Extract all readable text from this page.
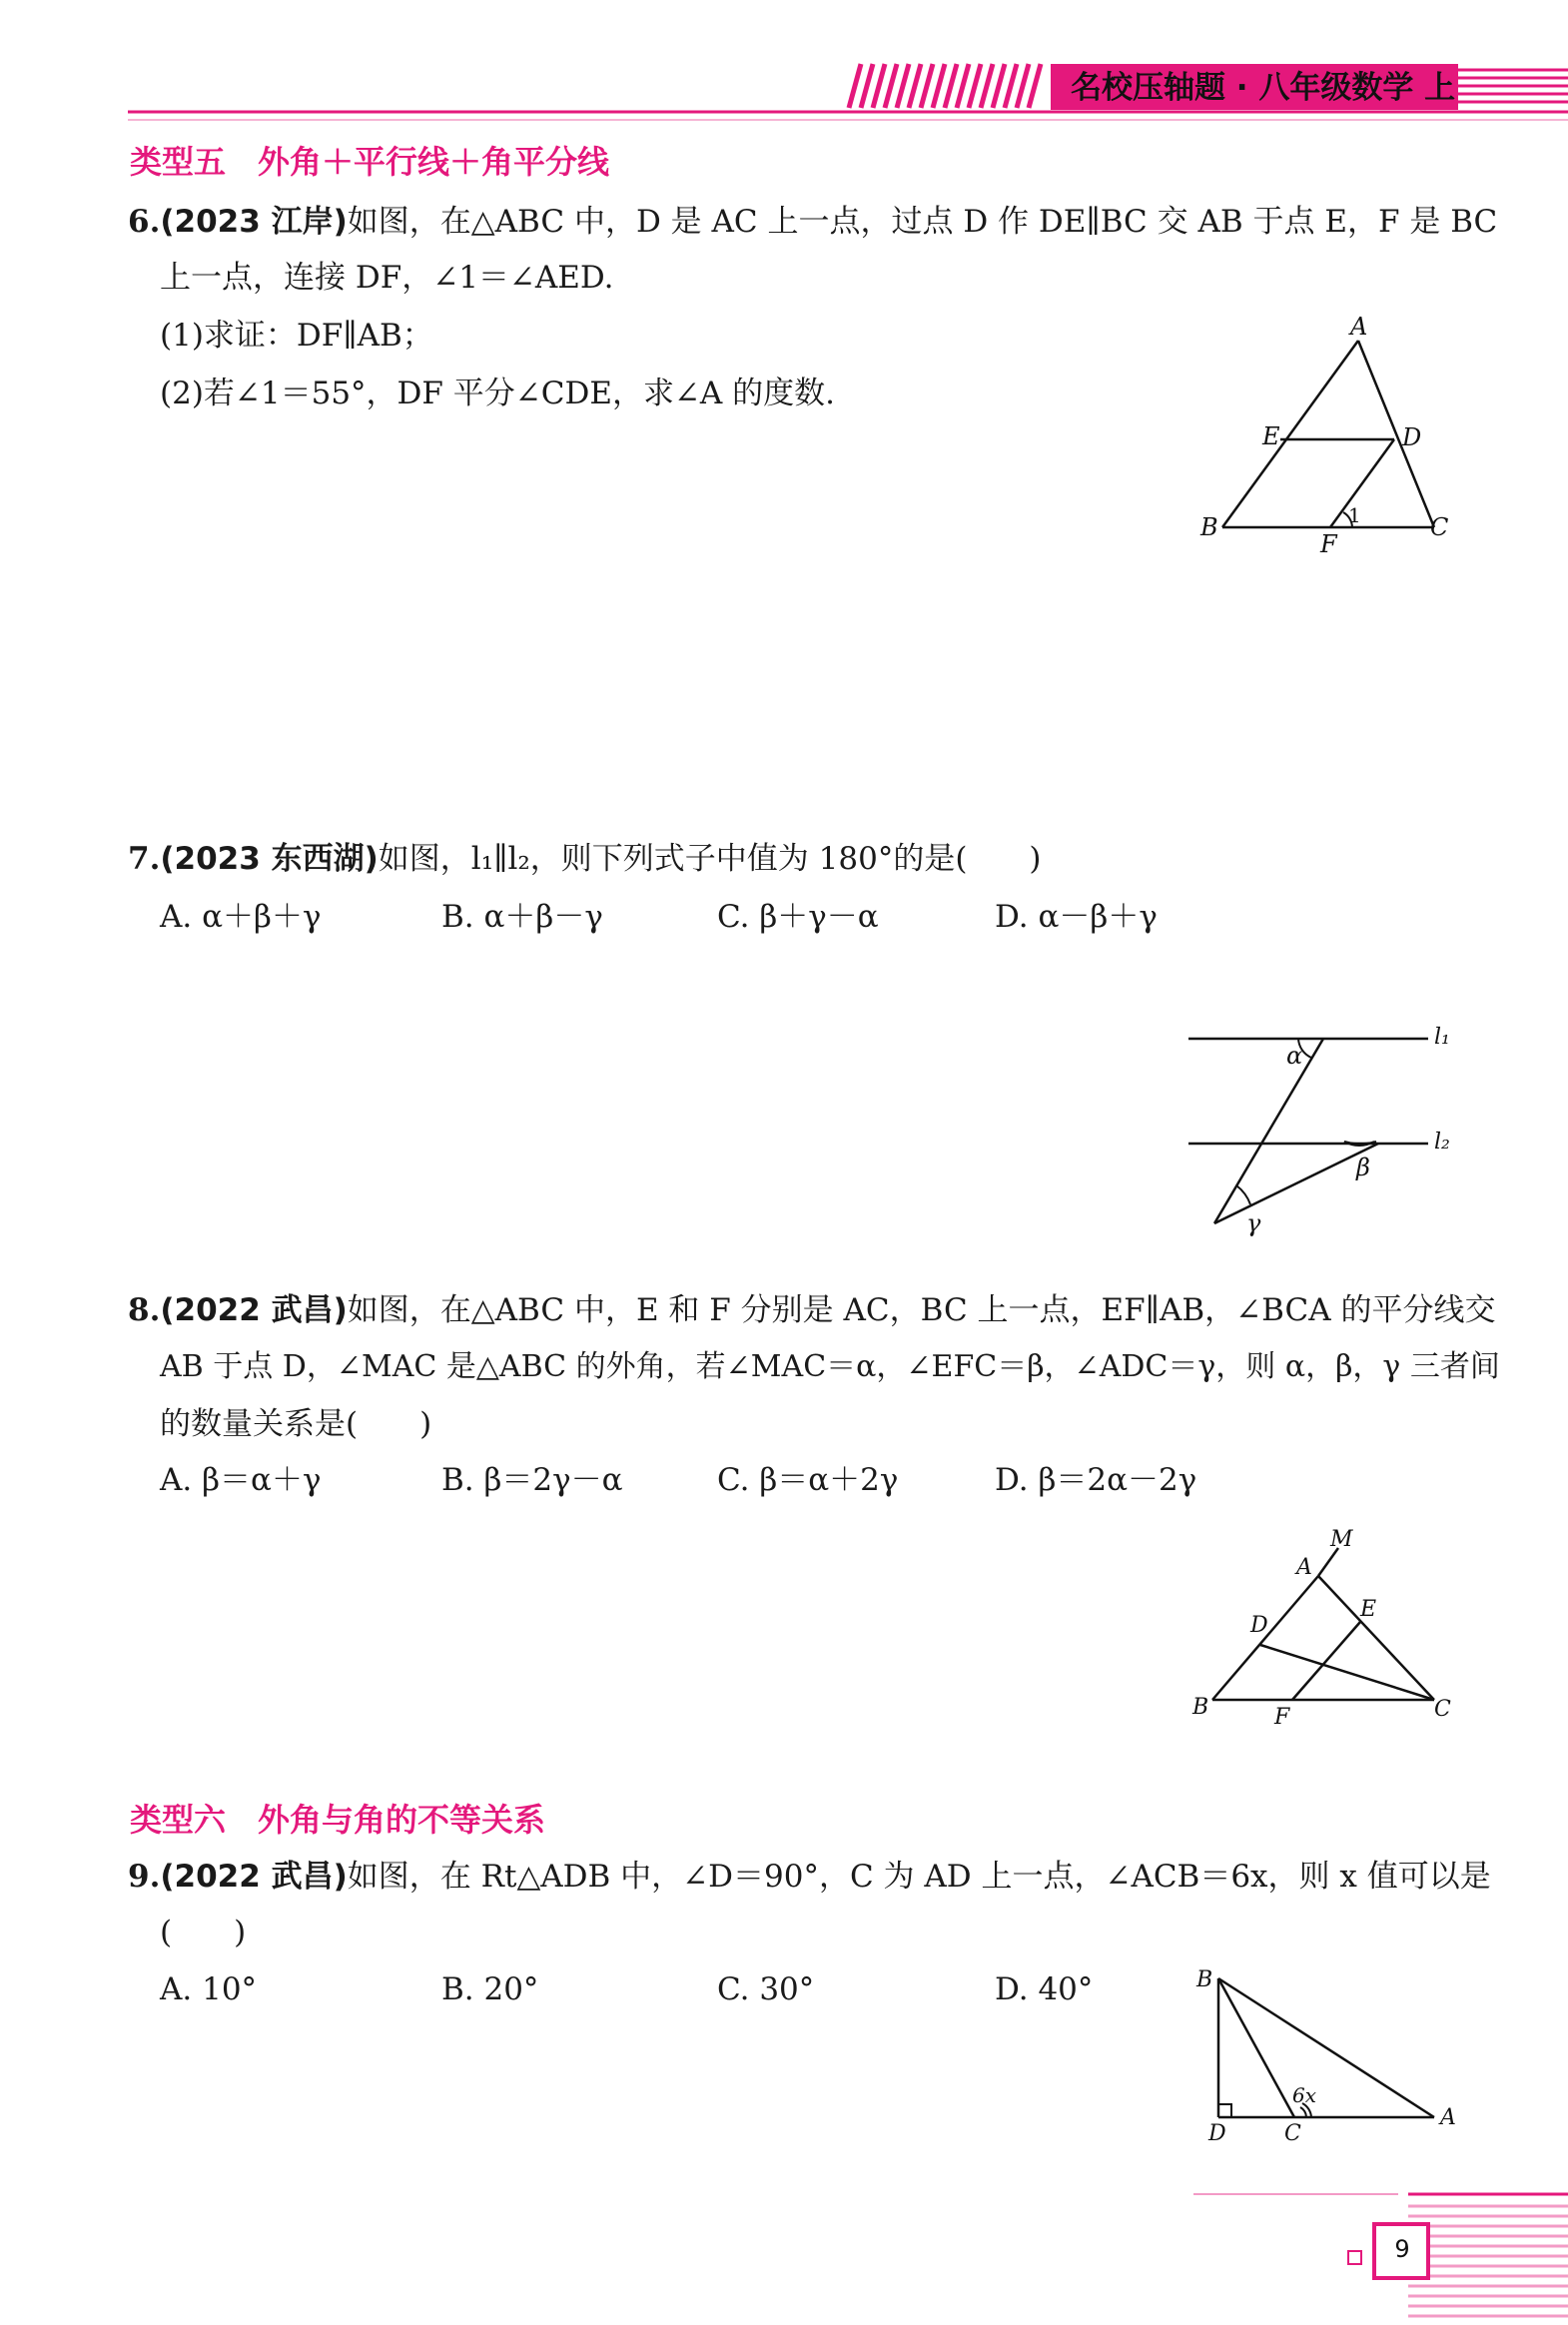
名校压轴题 · 八年级数学 上
类型五　外角＋平行线＋角平分线
6.(2023 江岸)如图，在△ABC 中，D 是 AC 上一点，过点 D 作 DE∥BC 交 AB 于点 E，F 是 BC
上一点，连接 DF，∠1＝∠AED.
(1)求证：DF∥AB；
(2)若∠1＝55°，DF 平分∠CDE，求∠A 的度数.
A
E	D
B
F
C
1
7.(2023 东西湖)如图，l₁∥l₂，则下列式子中值为 180°的是(　　)
A. α＋β＋γ	B. α＋β－γ	C. β＋γ－α	D. α－β＋γ
l₁
l₂
α
β
γ
8.(2022 武昌)如图，在△ABC 中，E 和 F 分别是 AC，BC 上一点，EF∥AB，∠BCA 的平分线交
AB 于点 D，∠MAC 是△ABC 的外角，若∠MAC＝α，∠EFC＝β，∠ADC＝γ，则 α，β，γ 三者间
的数量关系是(　　)
A. β＝α＋γ	B. β＝2γ－α	C. β＝α＋2γ	D. β＝2α－2γ
M
A
E
D
B	F	C
类型六　外角与角的不等关系
9.(2022 武昌)如图，在 Rt△ADB 中，∠D＝90°，C 为 AD 上一点，∠ACB＝6x，则 x 值可以是
(　　)
A. 10°	B. 20°	C. 30°	D. 40°	B
D	C
A
6x
9
